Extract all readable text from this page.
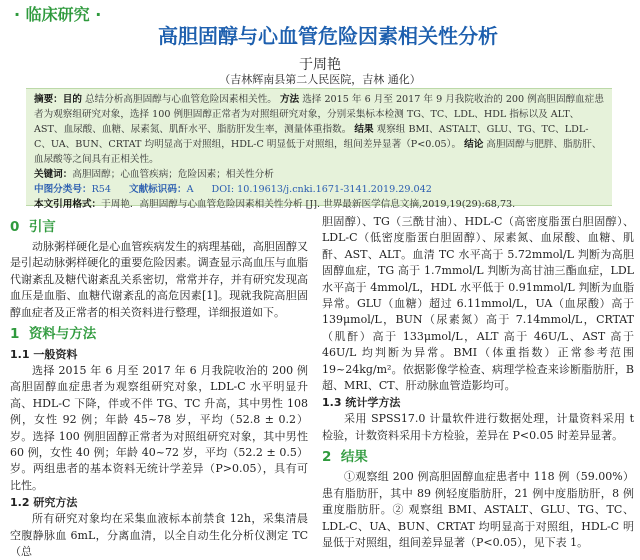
· 临床研究 ·
高胆固醇与心血管危险因素相关性分析
于周艳
（吉林辉南县第二人民医院，吉林 通化）
摘要：目的 总结分析高胆固醇与心血管危险因素相关性。 方法 选择 2015 年 6 月至 2017 年 9 月我院收治的 200 例高胆固醇血症患者为观察组研究对象，选择 100 例胆固醇正常者为对照组研究对象，分别采集标本检测 TG、TC、LDL、HDL 指标以及 ALT、AST、血尿酸、血糖、尿素氮、肌酐水平、脂肪肝发生率，测量体重指数。 结果 观察组 BMI、ASTALT、GLU、TG、TC、LDL-C、UA、BUN、CRTAT 均明显高于对照组，HDL-C 明显低于对照组，组间差异显著（P<0.05）。 结论 高胆固醇与肥胖、脂肪肝、血尿酸等之间具有正相关性。
关键词：高胆固醇；心血管疾病；危险因素；相关性分析
中图分类号：R54 文献标识码：A DOI: 10.19613/j.cnki.1671-3141.2019.29.042
本文引用格式：于周艳．高胆固醇与心血管危险因素相关性分析 [J]. 世界最新医学信息文摘,2019,19(29):68,73.
0 引言

动脉粥样硬化是心血管疾病发生的病理基础，高胆固醇又是引起动脉粥样硬化的重要危险因素。调查显示高血压与血脂代谢紊乱及糖代谢紊乱关系密切，常常并存，并有研究发现高血压是血脂、血糖代谢紊乱的高危因素[1]。现就我院高胆固醇血症者及正常者的相关资料进行整理，详细报道如下。

1 资料与方法
1.1 一般资料

选择 2015 年 6 月至 2017 年 6 月我院收治的 200 例高胆固醇血症患者为观察组研究对象，LDL-C 水平明显升高、HDL-C 下降，伴或不伴 TG、TC 升高，其中男性 108 例，女性 92 例；年龄 45~78 岁，平均（52.8 ± 0.2）岁。选择 100 例胆固醇正常者为对照组研究对象，其中男性 60 例，女性 40 例；年龄 40~72 岁，平均（52.2 ± 0.5）岁。两组患者的基本资料无统计学差异（P>0.05），具有可比性。

1.2 研究方法

所有研究对象均在采集血液标本前禁食 12h，采集清晨空腹静脉血 6mL，分离血清，以全自动生化分析仪测定 TC（总

胆固醇）、TG（三酰甘油）、HDL-C（高密度脂蛋白胆固醇）、LDL-C（低密度脂蛋白胆固醇）、尿素氮、血尿酸、血糖、肌酐、AST、ALT。血清 TC 水平高于 5.72mmol/L 判断为高胆固醇血症，TG 高于 1.7mmol/L 判断为高甘油三酯血症，LDL 水平高于 4mmol/L，HDL 水平低于 0.91mmol/L 判断为血脂异常。GLU（血糖）超过 6.11mmol/L，UA（血尿酸）高于 139μmol/L，BUN（尿素氮）高于 7.14mmol/L，CRTAT（肌酐）高于 133μmol/L，ALT 高于 46U/L、AST 高于 46U/L 均判断为异常。BMI（体重指数）正常参考范围 19~24kg/m²。依据影像学检查、病理学检查来诊断脂肪肝，B 超、MRI、CT、肝动脉血管造影均可。

1.3 统计学方法

采用 SPSS17.0 计量软件进行数据处理，计量资料采用 t 检验，计数资料采用卡方检验，差异在 P<0.05 时差异显著。

2 结果

①观察组 200 例高胆固醇血症患者中 118 例（59.00%）患有脂肪肝，其中 89 例轻度脂肪肝，21 例中度脂肪肝，8 例重度脂肪肝。② 观察组 BMI、ASTALT、GLU、TG、TC、LDL-C、UA、BUN、CRTAT 均明显高于对照组，HDL-C 明显低于对照组，组间差异显著（P<0.05），见下表 1。
